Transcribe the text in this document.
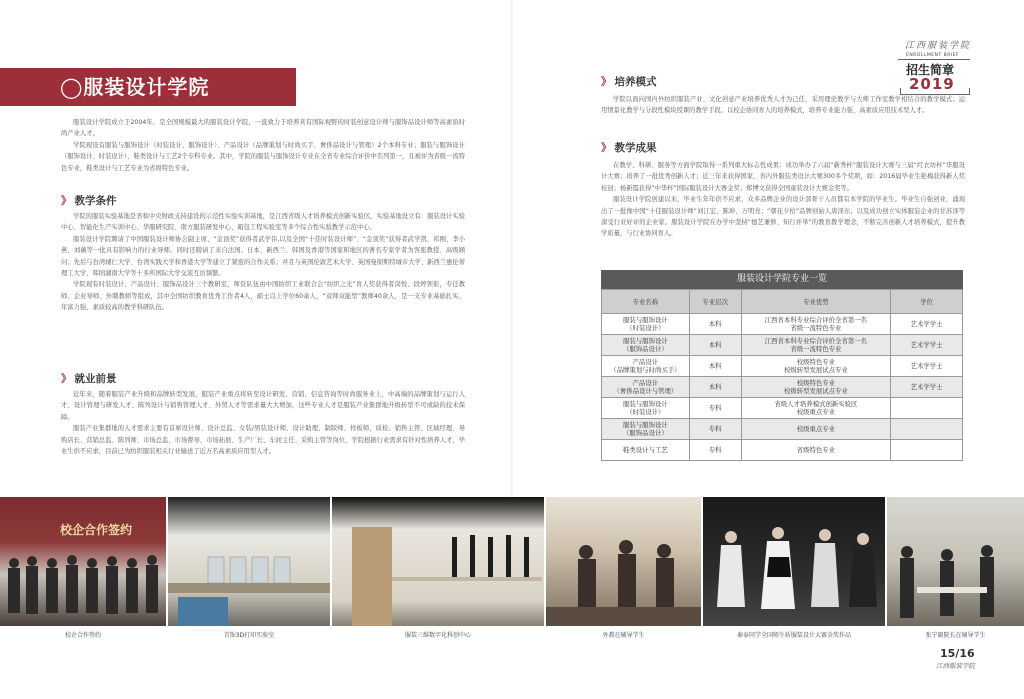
江西服装学院
ENROLLMENT BRIEF
招生简章
2019
◯服装设计学院

服装设计学院成立于2004年，是全国规模最大的服装设计学院，一直致力于培养具有国际视野的时装创意设计师与服饰品设计师等高素质时尚产业人才。

学院现设有服装与服饰设计（时装设计、服饰设计）、产品设计（品牌策划与时尚买手、奢侈品设计与管理）2个本科专业；服装与服饰设计（服饰设计、时装设计）、鞋类设计与工艺2个专科专业。其中，学院的服装与服饰设计专业在全省专业综合评价中名列第一，且被评为省级一流特色专业，鞋类设计与工艺专业为省级特色专业。

》 教学条件

学院的服装实验基地是省和中央财政支持建设的示范性实验实训基地，是江西省级人才培养模式创新实验区。实验基地设立有：服装设计实验中心、智能化生产实训中心、华服研究院、南方服装研发中心、箱包工程实验室等多个综合性实验教学示范中心。

服装设计学院聘请了中国服装设计师协会副主席、“金顶奖”获得者武学伟,以及全国“十佳时装设计师”、“金顶奖”获得者武学凯、祁刚、李小燕、刘薇等一批具有影响力的行业导师。同时还聘请了来自法国、日本、新西兰、韩国及香港等国家和地区的著名专家学者为客座教授、高级顾问；先后与台湾辅仁大学、台湾实践大学和香港大学等建立了紧密的合作关系；并且与英国伦敦艺术大学、英国曼彻斯特城市大学、新西兰惠伦蒂理工大学、韩国湖南大学等十多所国际大学交流互访频繁。

学院现有时装设计、产品设计、服饰品设计三个教研室，师资队伍由中国纺织工业联合会“纺织之光”育人奖获得者闵悦、段婷领衔，专任教师、企业导师、外聘教师等组成，其中全国纺织教育优秀工作者4人，硕士以上学位60余人，“双师双能型”教师40余人，是一支专业基础扎实、年富力强、素质较高的教学科研队伍。

》 就业前景

近年来，随着服装产业升级和品牌转型发展，服装产业重点将转至设计研发、营销、信息咨询等时尚服务业上，中高端的品牌策划与运行人才、设计管理与研发人才、陈列设计与销售管理人才、外贸人才等需求量大大增加，这些专业人才是服装产业集群地升级转型不可或缺的技术保障。

服装产业集群地的人才需求主要有首席设计师、设计总监、女装/男装设计师、设计助理、制版师、样板师、质检、销售主管、区域经理、导购店长、营销总监、陈列师、市场总监、市场督导、市场拓展、生产厂长、车间主任、采购主管等岗位，学院根据行业需求有针对性培养人才，毕业生供不应求，目前已为纺织服装相关行业输送了近万名高素质应用型人才。

》 培养模式

学院以面向国内外纺织服装产业、文化创意产业培养优秀人才为己任，采用理论教学与大师工作室教学相结合的教学模式；运用情景化教学与分段性模块授课的教学手段。以校企协同育人的培养模式，培养专业能力强、高素质应用技术型人才。

》 教学成果

在教学、科研、服务等方面学院取得一系列重大标志性成果：成功举办了六届“新秀杯”服装设计大赛与三届“红衣坊杯”华服设计大赛；培养了一批优秀创新人才；近三年来获得国家、省内外服装类设计大赛300多个奖项，如：2016届毕业生艳梅获得新人奖桂冠；杨新霞获得“中华杯”国际服装设计大赛金奖；郑博文获得全国童装设计大赛金奖等。

服装设计学院创建以来，毕业生年年供不应求，众多品牌企业的设计部骨干人员都有本学院的毕业生。毕业生自强创业，涌现出了一批像中国“十佳服装设计师”刘江宏、陈坤、万明亮；“朝花夕拾”品牌创始人唐泽东；以及成功创立实体服装企业的甘苏泽等深受行业好评的企业家。服装设计学院在办学中坚持“德艺兼修、知行并举”的教育教学理念，不断完善创新人才培养模式，提升教学质量，与行业协同育人。

服装设计学院专业一览
专业名称	专业层次	专业优势	学位
服装与服饰设计
（时装设计）	本科	江西省本科专业综合评价全省第一名
省级一流特色专业	艺术学学士
服装与服饰设计
（服饰品设计）	本科	江西省本科专业综合评价全省第一名
省级一流特色专业	艺术学学士
产品设计
（品牌策划与时尚买手）	本科	校级特色专业
校级转型发展试点专业	艺术学学士
产品设计
（奢侈品设计与管理）	本科	校级特色专业
校级转型发展试点专业	艺术学学士
服装与服饰设计
（时装设计）	专科	省级人才培养模式创新实验区
校级重点专业	
服装与服饰设计
（服饰品设计）	专科	校级重点专业	
鞋类设计与工艺	专科	省级特色专业	
校企合作签约
校企合作签约	首饰3D打印实验室	服装三维数字化科创中心	外教在辅导学生	秦泰同学全国师生斩服装设计大赛金奖作品	张宁副院长在辅导学生
15/16
江西服装学院
